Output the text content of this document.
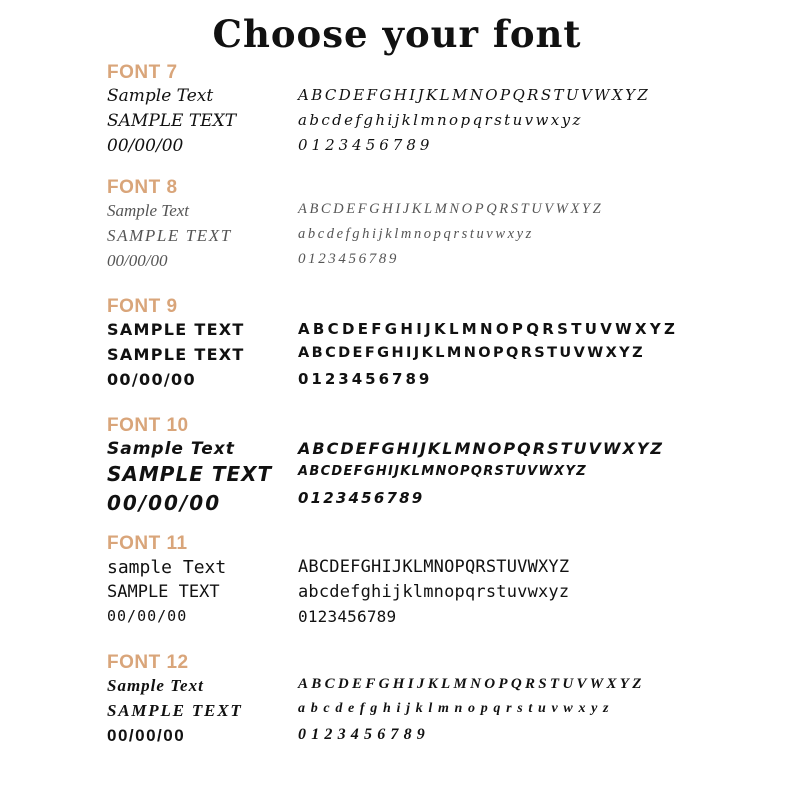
Choose your font
FONT 7
Sample Text
SAMPLE TEXT
00/00/00
ABCDEFGHIJKLMNOPQRSTUVWXYZ
abcdefghijklmnopqrstuvwxyz
0123456789
FONT 8
Sample Text
SAMPLE TEXT
00/00/00
ABCDEFGHIJKLMNOPQRSTUVWXYZ
abcdefghijklmnopqrstuvwxyz
0123456789
FONT 9
SAMPLE TEXT
SAMPLE TEXT
00/00/00
ABCDEFGHIJKLMNOPQRSTUVWXYZ
ABCDEFGHIJKLMNOPQRSTUVWXYZ
0123456789
FONT 10
Sample Text
SAMPLE TEXT
00/00/00
ABCDEFGHIJKLMNOPQRSTUVWXYZ
ABCDEFGHIJKLMNOPQRSTUVWXYZ
0123456789
FONT 11
sample Text
SAMPLE TEXT
00/00/00
ABCDEFGHIJKLMNOPQRSTUVWXYZ
abcdefghijklmnopqrstuvwxyz
0123456789
FONT 12
Sample Text
SAMPLE TEXT
00/00/00
ABCDEFGHIJKLMNOPQRSTUVWXYZ
abcdefghijklmnopqrstuvwxyz
0123456789
